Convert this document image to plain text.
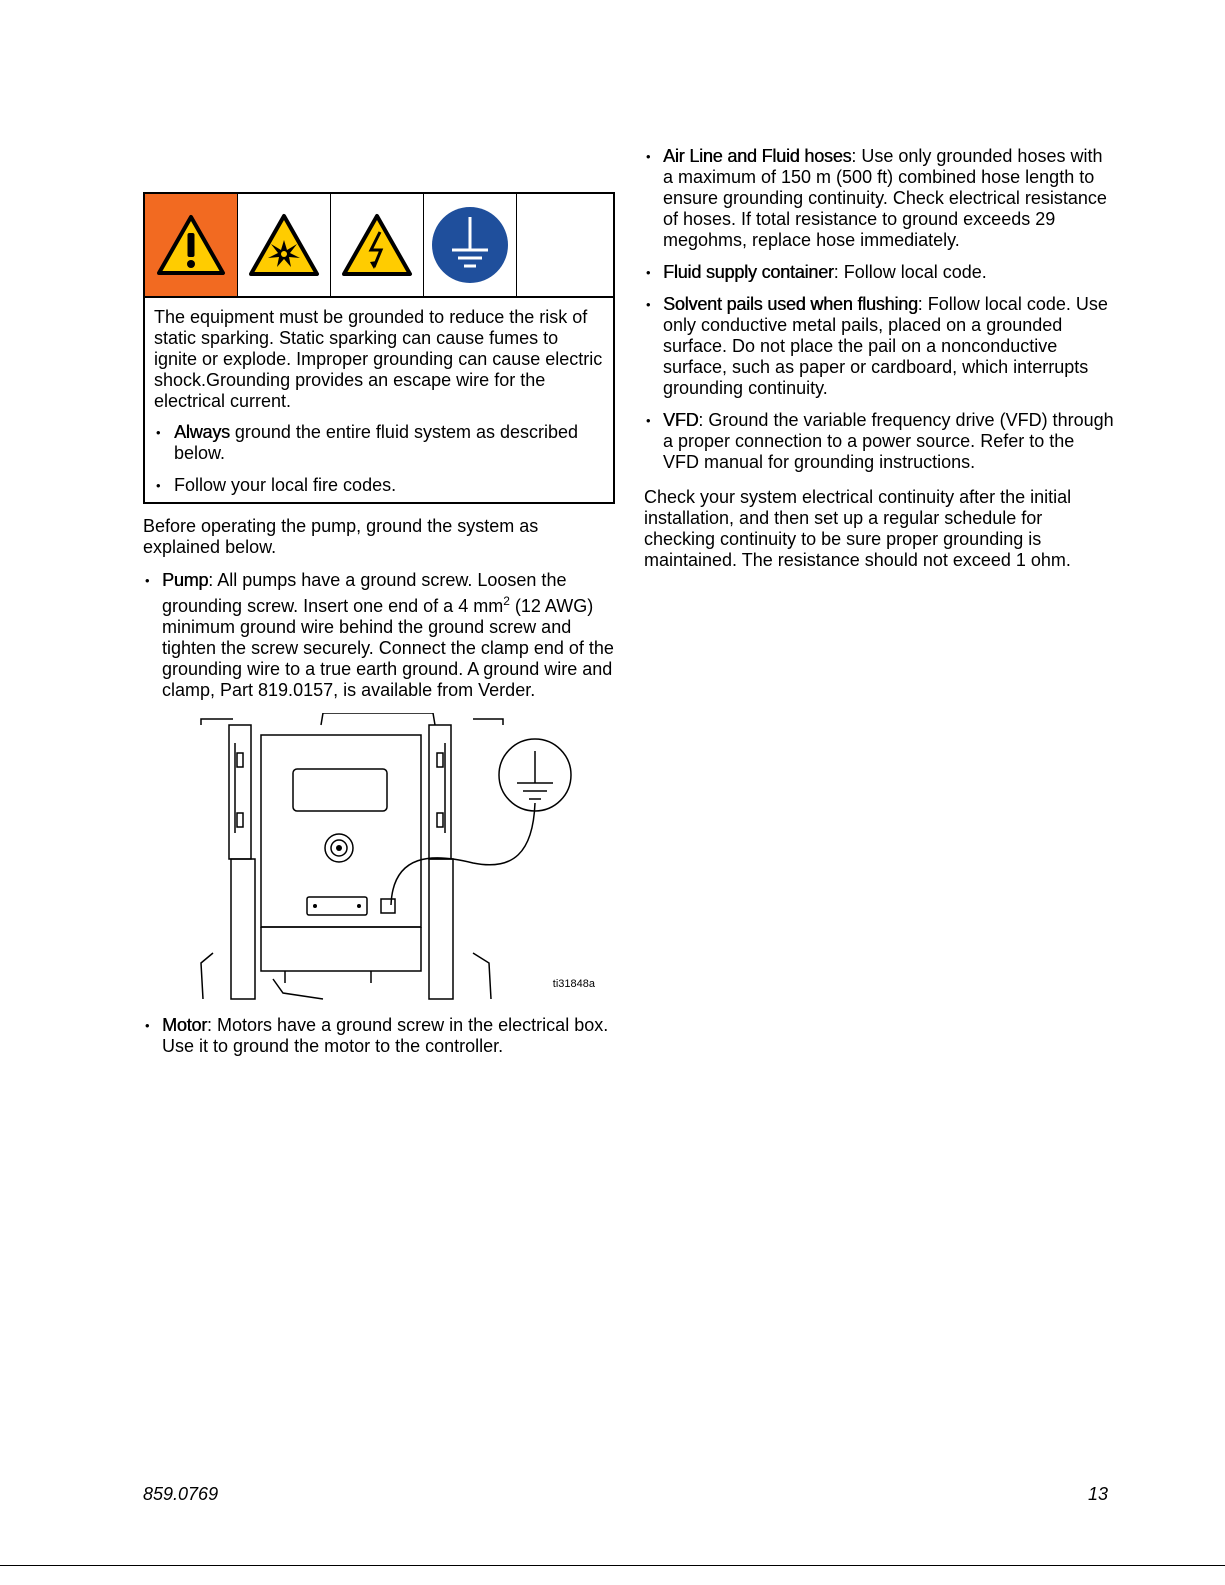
The equipment must be grounded to reduce the risk of static sparking. Static sparking can cause fumes to ignite or explode. Improper grounding can cause electric shock.Grounding provides an escape wire for the electrical current.

• Always ground the entire fluid system as described below.
• Follow your local fire codes.

Before operating the pump, ground the system as explained below.

• Pump: All pumps have a ground screw. Loosen the grounding screw. Insert one end of a 4 $mm^2$ (12 AWG) minimum ground wire behind the ground screw and tighten the screw securely. Connect the clamp end of the grounding wire to a true earth ground. A ground wire and clamp, Part 819.0157, is available from Verder.
ti31848a
• Motor: Motors have a ground screw in the electrical box. Use it to ground the motor to the controller.
• Air Line and Fluid hoses: Use only grounded hoses with a maximum of 150 m (500 ft) combined hose length to ensure grounding continuity. Check electrical resistance of hoses. If total resistance to ground exceeds 29 megohms, replace hose immediately.
• Fluid supply container: Follow local code.
• Solvent pails used when flushing: Follow local code. Use only conductive metal pails, placed on a grounded surface. Do not place the pail on a nonconductive surface, such as paper or cardboard, which interrupts grounding continuity.
• VFD: Ground the variable frequency drive (VFD) through a proper connection to a power source. Refer to the VFD manual for grounding instructions.

Check your system electrical continuity after the initial installation, and then set up a regular schedule for checking continuity to be sure proper grounding is maintained. The resistance should not exceed 1 ohm.

859.0769	13
